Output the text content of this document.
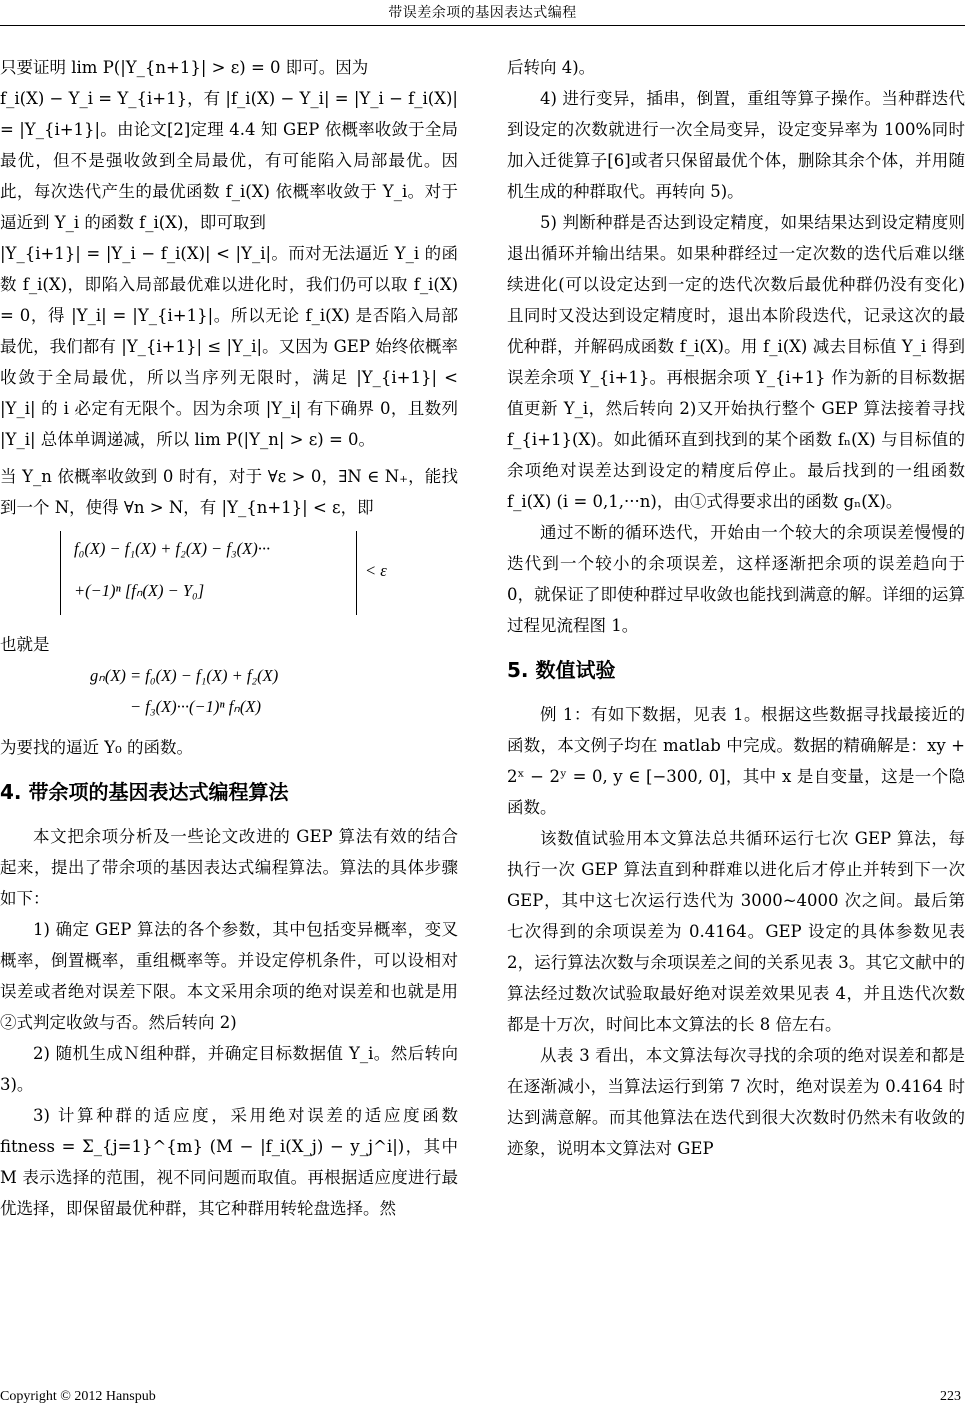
带误差余项的基因表达式编程

只要证明 lim P(|Y_{n+1}| > ε) = 0 即可。因为

f_i(X) − Y_i = Y_{i+1}，有 |f_i(X) − Y_i| = |Y_i − f_i(X)| = |Y_{i+1}|。由论文[2]定理 4.4 知 GEP 依概率收敛于全局最优，但不是强收敛到全局最优，有可能陷入局部最优。因此，每次迭代产生的最优函数 f_i(X) 依概率收敛于 Y_i。对于逼近到 Y_i 的函数 f_i(X)，即可取到

|Y_{i+1}| = |Y_i − f_i(X)| < |Y_i|。而对无法逼近 Y_i 的函数 f_i(X)，即陷入局部最优难以进化时，我们仍可以取 f_i(X) = 0，得 |Y_i| = |Y_{i+1}|。所以无论 f_i(X) 是否陷入局部最优，我们都有 |Y_{i+1}| ≤ |Y_i|。又因为 GEP 始终依概率收敛于全局最优，所以当序列无限时，满足 |Y_{i+1}| < |Y_i| 的 i 必定有无限个。因为余项 |Y_i| 有下确界 0，且数列 |Y_i| 总体单调递减，所以 lim P(|Y_n| > ε) = 0。

当 Y_n 依概率收敛到 0 时有，对于 ∀ε > 0，∃N ∈ N₊，能找到一个 N，使得 ∀n > N，有 |Y_{n+1}| < ε，即

f₀(X) − f₁(X) + f₂(X) − f₃(X)···
+(−1)ⁿ [fₙ(X) − Y₀]
< ε

也就是

gₙ(X) = f₀(X) − f₁(X) + f₂(X)

− f₃(X)···(−1)ⁿ fₙ(X)

为要找的逼近 Y₀ 的函数。

4. 带余项的基因表达式编程算法

本文把余项分析及一些论文改进的 GEP 算法有效的结合起来，提出了带余项的基因表达式编程算法。算法的具体步骤如下：

1) 确定 GEP 算法的各个参数，其中包括变异概率，变叉概率，倒置概率，重组概率等。并设定停机条件，可以设相对误差或者绝对误差下限。本文采用余项的绝对误差和也就是用②式判定收敛与否。然后转向 2)

2) 随机生成Ｎ组种群，并确定目标数据值 Y_i。然后转向 3)。

3) 计算种群的适应度，采用绝对误差的适应度函数 fitness = Σ_{j=1}^{m} (M − |f_i(X_j) − y_j^i|)，其中 M 表示选择的范围，视不同问题而取值。再根据适应度进行最优选择，即保留最优种群，其它种群用转轮盘选择。然

后转向 4)。

4) 进行变异，插串，倒置，重组等算子操作。当种群迭代到设定的次数就进行一次全局变异，设定变异率为 100%同时加入迁徙算子[6]或者只保留最优个体，删除其余个体，并用随机生成的种群取代。再转向 5)。

5) 判断种群是否达到设定精度，如果结果达到设定精度则退出循环并输出结果。如果种群经过一定次数的迭代后难以继续进化(可以设定达到一定的迭代次数后最优种群仍没有变化)且同时又没达到设定精度时，退出本阶段迭代，记录这次的最优种群，并解码成函数 f_i(X)。用 f_i(X) 减去目标值 Y_i 得到误差余项 Y_{i+1}。再根据余项 Y_{i+1} 作为新的目标数据值更新 Y_i，然后转向 2)又开始执行整个 GEP 算法接着寻找 f_{i+1}(X)。如此循环直到找到的某个函数 fₙ(X) 与目标值的余项绝对误差达到设定的精度后停止。最后找到的一组函数 f_i(X) (i = 0,1,···n)，由①式得要求出的函数 gₙ(X)。

通过不断的循环迭代，开始由一个较大的余项误差慢慢的迭代到一个较小的余项误差，这样逐渐把余项的误差趋向于 0，就保证了即使种群过早收敛也能找到满意的解。详细的运算过程见流程图 1。

5. 数值试验

例 1：有如下数据，见表 1。根据这些数据寻找最接近的函数，本文例子均在 matlab 中完成。数据的精确解是：xy + 2ˣ − 2ʸ = 0, y ∈ [−300, 0]，其中 x 是自变量，这是一个隐函数。

该数值试验用本文算法总共循环运行七次 GEP 算法，每执行一次 GEP 算法直到种群难以进化后才停止并转到下一次 GEP，其中这七次运行迭代为 3000~4000 次之间。最后第七次得到的余项误差为 0.4164。GEP 设定的具体参数见表 2，运行算法次数与余项误差之间的关系见表 3。其它文献中的算法经过数次试验取最好绝对误差效果见表 4，并且迭代次数都是十万次，时间比本文算法的长 8 倍左右。

从表 3 看出，本文算法每次寻找的余项的绝对误差和都是在逐渐减小，当算法运行到第 7 次时，绝对误差为 0.4164 时达到满意解。而其他算法在迭代到很大次数时仍然未有收敛的迹象，说明本文算法对 GEP

Copyright © 2012 Hanspub	223
